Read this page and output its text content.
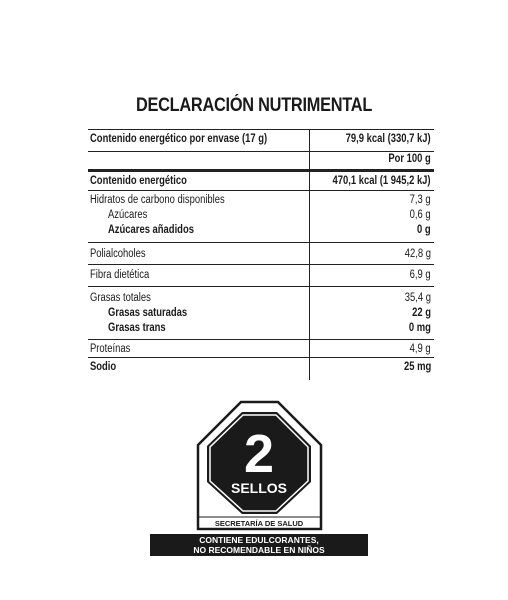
DECLARACIÓN NUTRIMENTAL
Contenido energético por envase (17 g)	79,9 kcal (330,7 kJ)
Por 100 g
Contenido energético	470,1 kcal (1 945,2 kJ)
Hidratos de carbono disponibles	7,3 g
Azúcares	0,6 g
Azúcares añadidos	0 g
Polialcoholes	42,8 g
Fibra dietética	6,9 g
Grasas totales	35,4 g
Grasas saturadas	22 g
Grasas trans	0 mg
Proteínas	4,9 g
Sodio	25 mg
2
SELLOS
SECRETARÍA DE SALUD
CONTIENE EDULCORANTES,
NO RECOMENDABLE EN NIÑOS
